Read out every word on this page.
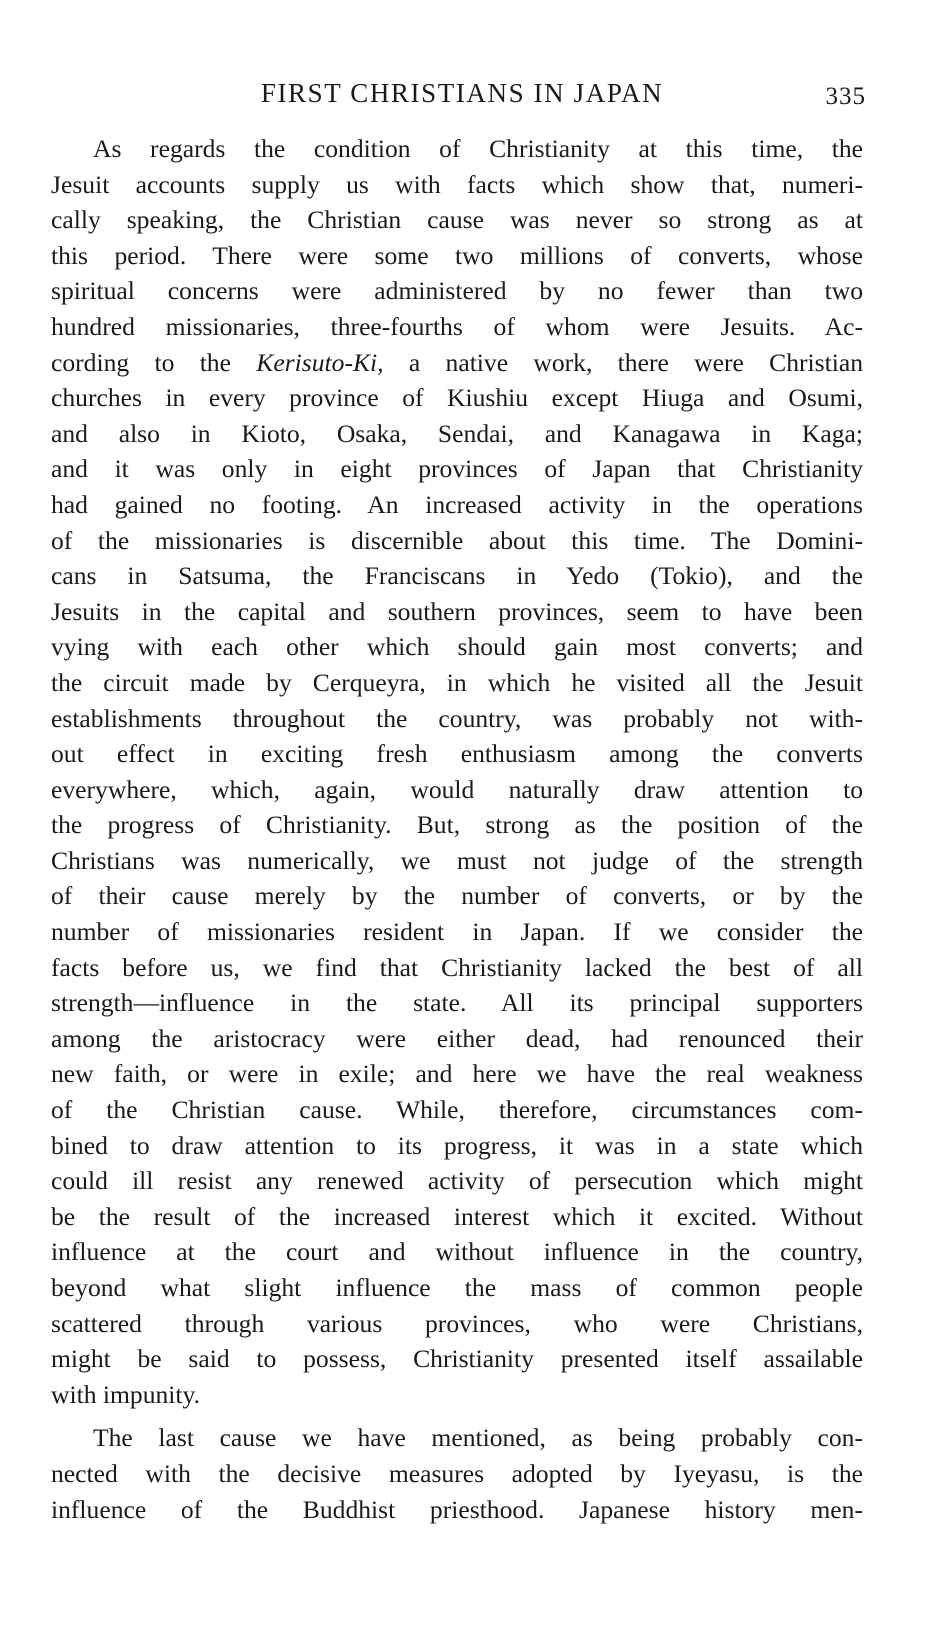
FIRST CHRISTIANS IN JAPAN	335
As regards the condition of Christianity at this time, the
Jesuit accounts supply us with facts which show that, numeri-
cally speaking, the Christian cause was never so strong as at
this period. There were some two millions of converts, whose
spiritual concerns were administered by no fewer than two
hundred missionaries, three-fourths of whom were Jesuits. Ac-
cording to the Kerisuto-Ki, a native work, there were Christian
churches in every province of Kiushiu except Hiuga and Osumi,
and also in Kioto, Osaka, Sendai, and Kanagawa in Kaga;
and it was only in eight provinces of Japan that Christianity
had gained no footing. An increased activity in the operations
of the missionaries is discernible about this time. The Domini-
cans in Satsuma, the Franciscans in Yedo (Tokio), and the
Jesuits in the capital and southern provinces, seem to have been
vying with each other which should gain most converts; and
the circuit made by Cerqueyra, in which he visited all the Jesuit
establishments throughout the country, was probably not with-
out effect in exciting fresh enthusiasm among the converts
everywhere, which, again, would naturally draw attention to
the progress of Christianity. But, strong as the position of the
Christians was numerically, we must not judge of the strength
of their cause merely by the number of converts, or by the
number of missionaries resident in Japan. If we consider the
facts before us, we find that Christianity lacked the best of all
strength—influence in the state. All its principal supporters
among the aristocracy were either dead, had renounced their
new faith, or were in exile; and here we have the real weakness
of the Christian cause. While, therefore, circumstances com-
bined to draw attention to its progress, it was in a state which
could ill resist any renewed activity of persecution which might
be the result of the increased interest which it excited. Without
influence at the court and without influence in the country,
beyond what slight influence the mass of common people
scattered through various provinces, who were Christians,
might be said to possess, Christianity presented itself assailable
with impunity.
The last cause we have mentioned, as being probably con-
nected with the decisive measures adopted by Iyeyasu, is the
influence of the Buddhist priesthood. Japanese history men-
